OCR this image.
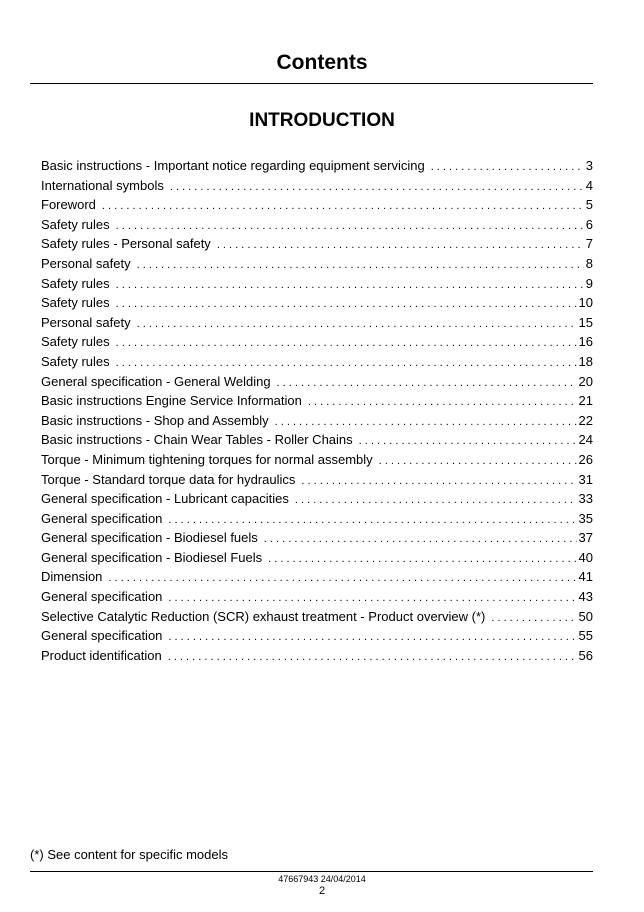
Contents
INTRODUCTION
Basic instructions - Important notice regarding equipment servicing . . .	3
International symbols . . .	4
Foreword . . .	5
Safety rules . . .	6
Safety rules - Personal safety . . .	7
Personal safety . . .	8
Safety rules . . .	9
Safety rules . . .	10
Personal safety . . .	15
Safety rules . . .	16
Safety rules . . .	18
General specification - General Welding . . .	20
Basic instructions Engine Service Information . . .	21
Basic instructions - Shop and Assembly . . .	22
Basic instructions - Chain Wear Tables - Roller Chains . . .	24
Torque - Minimum tightening torques for normal assembly . . .	26
Torque - Standard torque data for hydraulics . . .	31
General specification - Lubricant capacities . . .	33
General specification . . .	35
General specification - Biodiesel fuels . . .	37
General specification - Biodiesel Fuels . . .	40
Dimension . . .	41
General specification . . .	43
Selective Catalytic Reduction (SCR) exhaust treatment - Product overview (*) . . .	50
General specification . . .	55
Product identification . . .	56
(*) See content for specific models
47667943 24/04/2014
2
